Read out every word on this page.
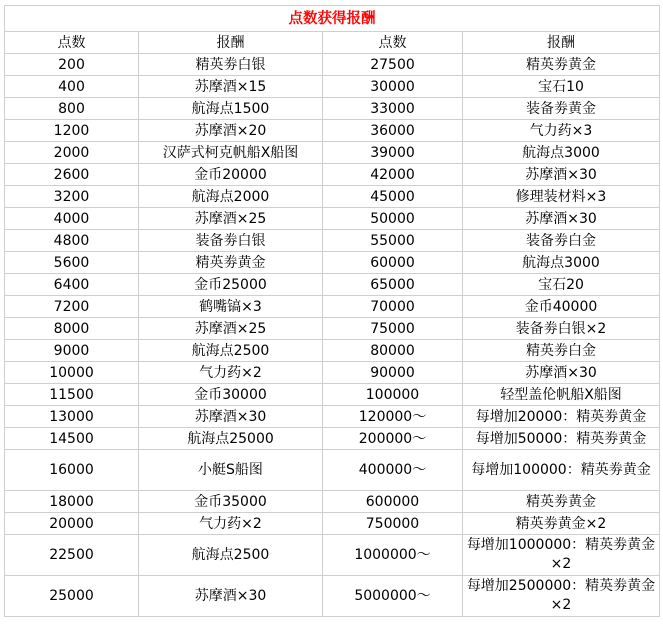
点数获得报酬			
点数	报酬	点数	报酬
200	精英劵白银	27500	精英劵黄金
400	苏摩酒×15	30000	宝石10
800	航海点1500	33000	装备劵黄金
1200	苏摩酒×20	36000	气力药×3
2000	汉萨式柯克帆船X船图	39000	航海点3000
2600	金币20000	42000	苏摩酒×30
3200	航海点2000	45000	修理装材料×3
4000	苏摩酒×25	50000	苏摩酒×30
4800	装备劵白银	55000	装备劵白金
5600	精英劵黄金	60000	航海点3000
6400	金币25000	65000	宝石20
7200	鹤嘴镐×3	70000	金币40000
8000	苏摩酒×25	75000	装备劵白银×2
9000	航海点2500	80000	精英劵白金
10000	气力药×2	90000	苏摩酒×30
11500	金币30000	100000	轻型盖伦帆船X船图
13000	苏摩酒×30	120000～	每增加20000：精英劵黄金
14500	航海点25000	200000～	每增加50000：精英劵黄金
16000	小艇S船图	400000～	每增加100000：精英劵黄金
18000	金币35000	600000	精英劵黄金
20000	气力药×2	750000	精英劵黄金×2
22500	航海点2500	1000000～	每增加1000000：精英劵黄金×2
25000	苏摩酒×30	5000000～	每增加2500000：精英劵黄金×2
